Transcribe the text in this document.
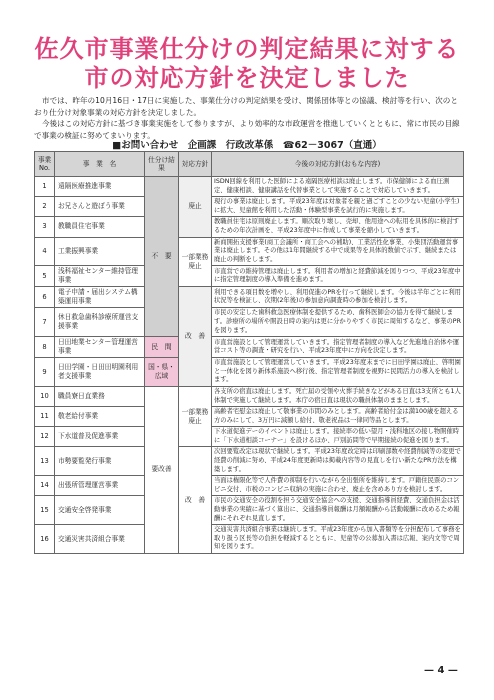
佐久市事業仕分けの判定結果に対する
市の対応方針を決定しました

市では、昨年の10月16日・17日に実施した、事業仕分けの判定結果を受け、関係団体等との協議、検討等を行い、次のとおり仕分け対象事業の対応方針を決定しました。

今後はこの対応方針に基づき事業実施をして参りますが、より効率的な市政運営を推進していくとともに、常に市民の目線で事業の検証に努めてまいります。

■お問い合わせ　企画課　行政改革係　☎62－3067（直通）
事業No.	事　業　名	仕分け結果	対応方針	今後の対応方針(おもな内容)
1	遠隔医療推進事業	不　要	廃止	ISDN回線を利用した医師による遠隔医療相談は廃止します。市保健師による血圧測定、健康相談、健康講話を代替事業として実施することで対応していきます。
2	お兄さんと遊ぼう事業			現行の事業は廃止します。平成23年度は対象者を親と過ごすことの少ない児童(小学生)に拡大、児童館を利用した活動・体験型事業を試行的に実施します。
3	教職員住宅事業			教職員住宅は原則廃止します。順次取り壊し、売却、他用途への転用を具体的に検討するための年次計画を、平成23年度中に作成して事業を縮小していきます。
4	工業振興事業		一部業務廃止	新商開拓支援事業(商工会議所・商工会への補助)、工業活性化事業、小集団活動運営事業は廃止します。その他は1年間継続する中で成果等を具体的数値で示す、継続または廃止の判断をします。
5	浅科福祉センター維持管理事業			市直営での維持管理は廃止します。利用者の増加と経費節減を図りつつ、平成23年度中に指定管理制度の導入準備を進めます。
6	電子申請・届出システム構築運用事業		改　善	利用できる項目数を増やし、利用促進のPRを行って継続します。今後は半年ごとに利用状況等を検証し、次期(2年後)の参加意向調査時の参加を検討します。
7	休日救急歯科診療所運営支援事業			市民の安定した歯科救急医療体制を提供するため、歯科医師会の協力を得て継続します。診療所の場所や開設日時の案内は更に分かりやすく市民に周知するなど、事業のPRを図ります。
8	日田地業センター管理運営事業	民　間		市直営施設として管理運営していきます。指定管理者制度の導入など先進地自治体や運営コスト等の調査・研究を行い、平成23年度中に方向を決定します。
9	日田学園・日田田明園利用者支援事業	国・県・広域		市直営施設として管理運営していきます。平成23年度末までに日田学園は廃止、啓明園と一体化を図り新体系施設へ移行後、指定管理者制度を視野に民間活力の導入を検討します。
10	職員寮日直業務	要改善	一部業務廃止	各支所の宿直は廃止します。死亡届の受領や火葬手続きなどがある日直は3支所とも1人体制で実施して継続します。本庁の宿日直は現状の職員体制のままとします。
11	敬老給付事業			高齢者宅慰金は廃止して敬事業の市間のみとします。高齢者給付金は満100歳を超える方のみにして、3万円に減額し給付、敬老祝品は一律同等品とします。
12	下水道普及促進事業			下水道促進デーのイベントは廃止します。接続率の低い望月・浅科地区の接し物開催時に「下水道相談コーナー」を設けるほか、戸別訪問等で早期接続の促進を図ります。
13	市勢要覧発行事業		改　善	次回要覧改定は現状で継続します。平成23年度改定時は印刷部数や経費削減等の変更で経費の削減に努め、平成24年度更新時は掲載内容等の見直しを行い新たなPR方法を構築します。
14	出張所管理運営事業			当面は権限化等で人件費の抑制を行いながら全出張所を維持します。戸籍住民票のコンビニ交付、市税のコンビニ収納の実施に合わせ、廃止を含めあり方を検討します。
15	交通安全啓発事業			市民の交通安全の役割を担う交通安全協会への支援、交通指導員経費、交通負担金は活動事業の実績に基づく算出に、交通指導員報酬は月額報酬から活動報酬に改めるため報酬にそれぞれ見直します。
16	交通災害共済組合事業			交通災害共済組合事業は継続します。平成23年度から加入書類等を分担配布して事務を取り扱う区長等の負担を軽減するとともに、児童等の公募加入書は広報、案内文等で周知を図ります。
— 4 —
